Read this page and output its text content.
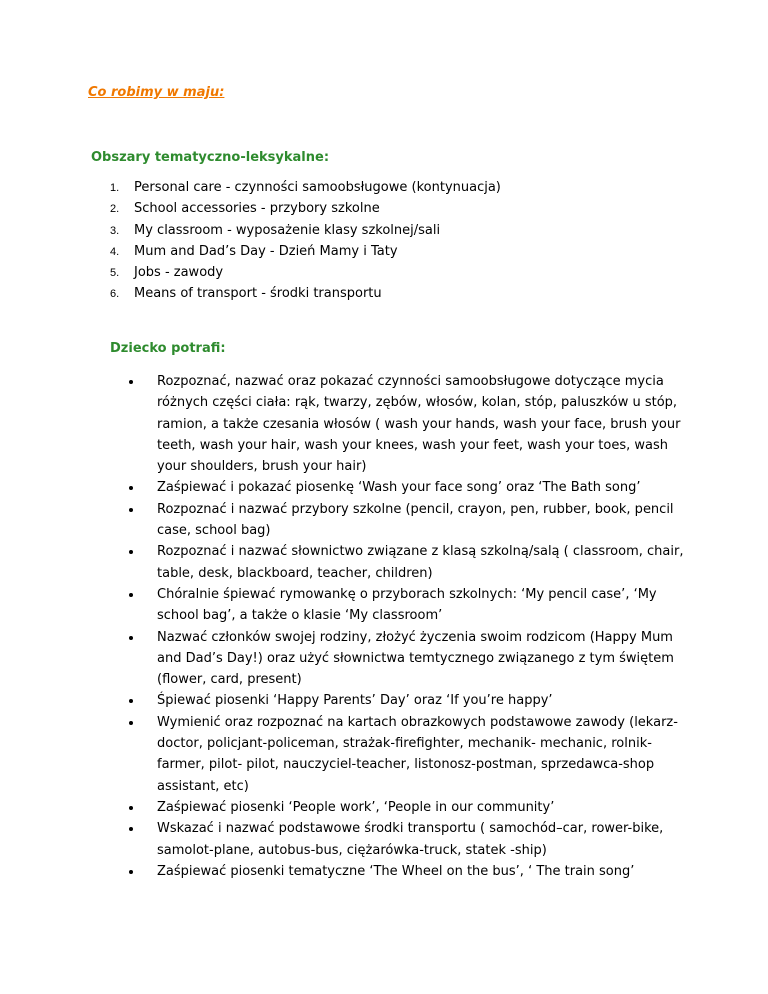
Co robimy w maju:
Obszary tematyczno-leksykalne:
1. Personal care - czynności samoobsługowe (kontynuacja)
2. School accessories - przybory szkolne
3. My classroom - wyposażenie klasy szkolnej/sali
4. Mum and Dad’s Day - Dzień Mamy i Taty
5. Jobs - zawody
6. Means of transport - środki transportu
Dziecko potrafi:
Rozpoznać, nazwać oraz pokazać czynności samoobsługowe dotyczące mycia różnych części ciała: rąk, twarzy, zębów, włosów, kolan, stóp, paluszków u stóp, ramion, a także czesania włosów ( wash your hands, wash your face, brush your teeth, wash your hair, wash your knees, wash your feet, wash your toes, wash your shoulders, brush your hair)
Zaśpiewać i pokazać piosenkę ‘Wash your face song’ oraz ‘The Bath song’
Rozpoznać i nazwać przybory szkolne (pencil, crayon, pen, rubber, book, pencil case, school bag)
Rozpoznać i nazwać słownictwo związane z klasą szkolną/salą ( classroom, chair, table, desk, blackboard, teacher, children)
Chóralnie śpiewać rymowankę o przyborach szkolnych: ‘My pencil case’, ‘My school bag’, a także o klasie ‘My classroom’
Nazwać członków swojej rodziny, złożyć życzenia swoim rodzicom (Happy Mum and Dad’s Day!) oraz użyć słownictwa temtycznego związanego z tym świętem (flower, card, present)
Śpiewać piosenki ‘Happy Parents’ Day’ oraz ‘If you’re happy’
Wymienić oraz rozpoznać na kartach obrazkowych podstawowe zawody (lekarz-doctor, policjant-policeman, strażak-firefighter, mechanik- mechanic, rolnik-farmer, pilot- pilot, nauczyciel-teacher, listonosz-postman, sprzedawca-shop assistant, etc)
Zaśpiewać piosenki ‘People work’, ‘People in our community’
Wskazać i nazwać podstawowe środki transportu ( samochód–car, rower-bike, samolot-plane, autobus-bus, ciężarówka-truck, statek -ship)
Zaśpiewać piosenki tematyczne ‘The Wheel on the bus’, ‘ The train song’
